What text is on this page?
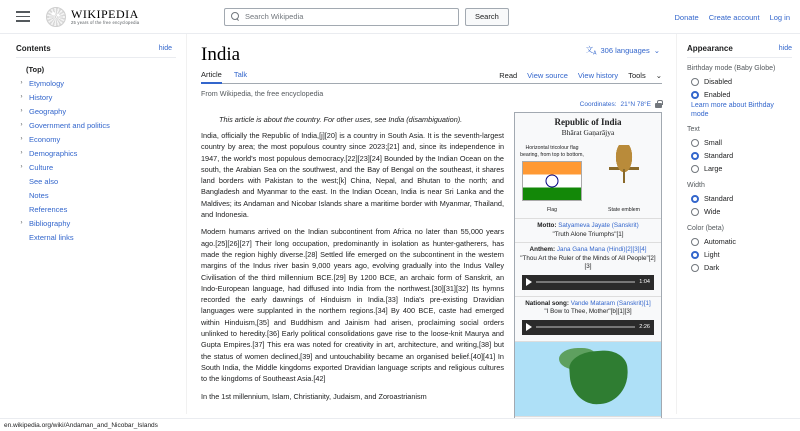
WIKIPEDIA
25 years of the free encyclopedia
Search Wikipedia	Search	Donate Create account Log in
Contents	hide
(Top)
› Etymology
› History
› Geography
› Government and politics
› Economy
› Demographics
› Culture
See also
Notes
References
› Bibliography
External links
India	文$_A$ 306 languages ⌄
Article Talk	Read View source View history Tools ⌄
From Wikipedia, the free encyclopedia
Coordinates: 21°N 78°E
Republic of India
Bhārat Gaṇarājya
Horizontal tricolour flag bearing, from top to bottom,
Flag	State emblem
Motto: Satyameva Jayate (Sanskrit)
"Truth Alone Triumphs"[1]
Anthem: Jana Gana Mana (Hindi)[2][3][4]
"Thou Art the Ruler of the Minds of All People"[2][3]
1:04
National song: Vande Mataram (Sanskrit)[1]
"I Bow to Thee, Mother"[b][1][3]
2:26
This article is about the country. For other uses, see India (disambiguation).

India, officially the Republic of India,[j][20] is a country in South Asia. It is the seventh-largest country by area; the most populous country since 2023;[21] and, since its independence in 1947, the world's most populous democracy.[22][23][24] Bounded by the Indian Ocean on the south, the Arabian Sea on the southwest, and the Bay of Bengal on the southeast, it shares land borders with Pakistan to the west;[k] China, Nepal, and Bhutan to the north; and Bangladesh and Myanmar to the east. In the Indian Ocean, India is near Sri Lanka and the Maldives; its Andaman and Nicobar Islands share a maritime border with Myanmar, Thailand, and Indonesia.

Modern humans arrived on the Indian subcontinent from Africa no later than 55,000 years ago.[25][26][27] Their long occupation, predominantly in isolation as hunter-gatherers, has made the region highly diverse.[28] Settled life emerged on the subcontinent in the western margins of the Indus river basin 9,000 years ago, evolving gradually into the Indus Valley Civilisation of the third millennium BCE.[29] By 1200 BCE, an archaic form of Sanskrit, an Indo-European language, had diffused into India from the northwest.[30][31][32] Its hymns recorded the early dawnings of Hinduism in India.[33] India's pre-existing Dravidian languages were supplanted in the northern regions.[34] By 400 BCE, caste had emerged within Hinduism,[35] and Buddhism and Jainism had arisen, proclaiming social orders unlinked to heredity.[36] Early political consolidations gave rise to the loose-knit Maurya and Gupta Empires.[37] This era was noted for creativity in art, architecture, and writing,[38] but the status of women declined,[39] and untouchability became an organised belief.[40][41] In South India, the Middle kingdoms exported Dravidian language scripts and religious cultures to the kingdoms of Southeast Asia.[42]

In the 1st millennium, Islam, Christianity, Judaism, and Zoroastrianism

Appearance	hide
Birthday mode (Baby Globe)
Disabled
Enabled
Learn more about Birthday mode
Text
Small
Standard
Large
Width
Standard
Wide
Color (beta)
Automatic
Light
Dark
en.wikipedia.org/wiki/Andaman_and_Nicobar_Islands
